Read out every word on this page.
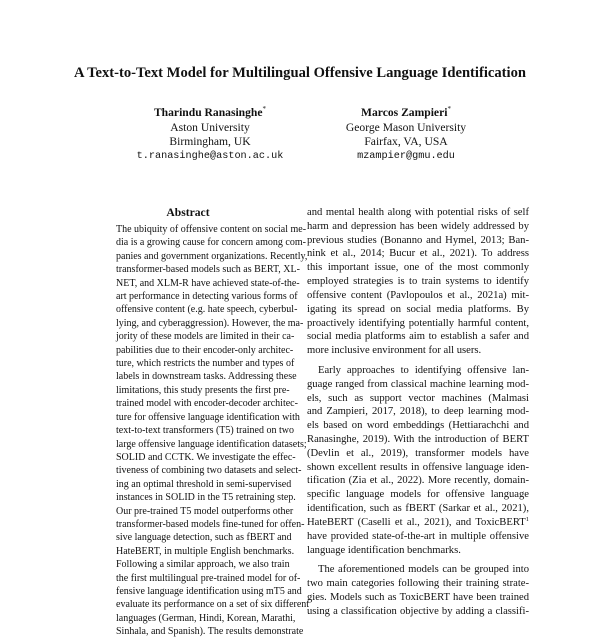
A Text-to-Text Model for Multilingual Offensive Language Identification
Tharindu Ranasinghe*
Aston University
Birmingham, UK
t.ranasinghe@aston.ac.uk
Marcos Zampieri*
George Mason University
Fairfax, VA, USA
mzampier@gmu.edu
Abstract
The ubiquity of offensive content on social me-
dia is a growing cause for concern among com-
panies and government organizations. Recently,
transformer-based models such as BERT, XL-
NET, and XLM-R have achieved state-of-the-
art performance in detecting various forms of
offensive content (e.g. hate speech, cyberbul-
lying, and cyberaggression). However, the ma-
jority of these models are limited in their ca-
pabilities due to their encoder-only architec-
ture, which restricts the number and types of
labels in downstream tasks. Addressing these
limitations, this study presents the first pre-
trained model with encoder-decoder architec-
ture for offensive language identification with
text-to-text transformers (T5) trained on two
large offensive language identification datasets;
SOLID and CCTK. We investigate the effec-
tiveness of combining two datasets and select-
ing an optimal threshold in semi-supervised
instances in SOLID in the T5 retraining step.
Our pre-trained T5 model outperforms other
transformer-based models fine-tuned for offen-
sive language detection, such as fBERT and
HateBERT, in multiple English benchmarks.
Following a similar approach, we also train
the first multilingual pre-trained model for of-
fensive language identification using mT5 and
evaluate its performance on a set of six different
languages (German, Hindi, Korean, Marathi,
Sinhala, and Spanish). The results demonstrate
and mental health along with potential risks of self
harm and depression has been widely addressed by
previous studies (Bonanno and Hymel, 2013; Ban-
nink et al., 2014; Bucur et al., 2021). To address
this important issue, one of the most commonly
employed strategies is to train systems to identify
offensive content (Pavlopoulos et al., 2021a) mit-
igating its spread on social media platforms. By
proactively identifying potentially harmful content,
social media platforms aim to establish a safer and
more inclusive environment for all users.
Early approaches to identifying offensive lan-
guage ranged from classical machine learning mod-
els, such as support vector machines (Malmasi
and Zampieri, 2017, 2018), to deep learning mod-
els based on word embeddings (Hettiarachchi and
Ranasinghe, 2019). With the introduction of BERT
(Devlin et al., 2019), transformer models have
shown excellent results in offensive language iden-
tification (Zia et al., 2022). More recently, domain-
specific language models for offensive language
identification, such as fBERT (Sarkar et al., 2021),
HateBERT (Caselli et al., 2021), and ToxicBERT$^1$
have provided state-of-the-art in multiple offensive
language identification benchmarks.
The aforementioned models can be grouped into
two main categories following their training strate-
gies. Models such as ToxicBERT have been trained
using a classification objective by adding a classifi-
